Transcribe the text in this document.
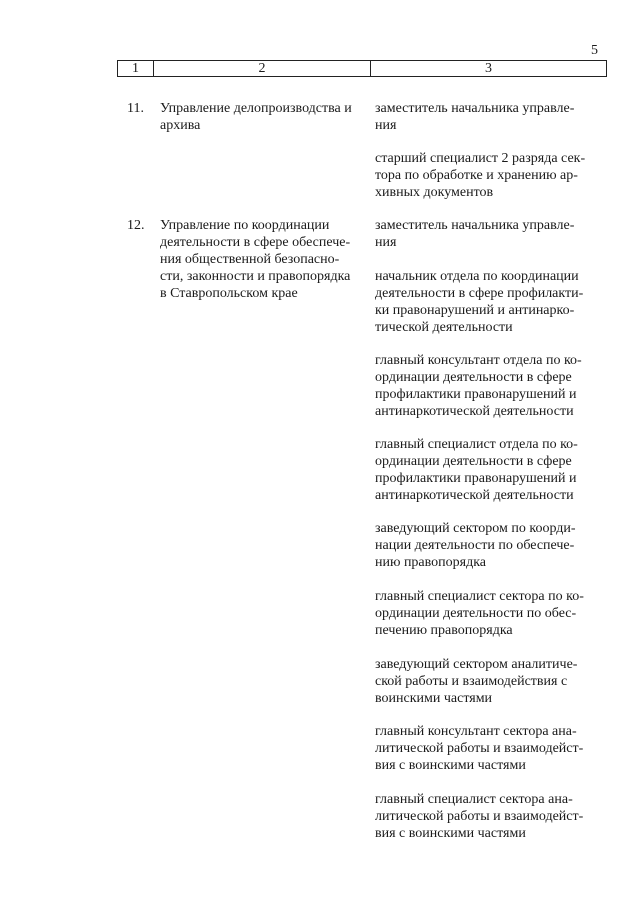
5
1	2	3
11. Управление делопроизводства и
архива
заместитель начальника управле-
ния
старший специалист 2 разряда сек-
тора по обработке и хранению ар-
хивных документов
12. Управление по координации
деятельности в сфере обеспече-
ния общественной безопасно-
сти, законности и правопорядка
в Ставропольском крае
заместитель начальника управле-
ния
начальник отдела по координации
деятельности в сфере профилакти-
ки правонарушений и антинарко-
тической деятельности
главный консультант отдела по ко-
ординации деятельности в сфере
профилактики правонарушений и
антинаркотической деятельности
главный специалист отдела по ко-
ординации деятельности в сфере
профилактики правонарушений и
антинаркотической деятельности
заведующий сектором по коорди-
нации деятельности по обеспече-
нию правопорядка
главный специалист сектора по ко-
ординации деятельности по обес-
печению правопорядка
заведующий сектором аналитиче-
ской работы и взаимодействия с
воинскими частями
главный консультант сектора ана-
литической работы и взаимодейст-
вия с воинскими частями
главный специалист сектора ана-
литической работы и взаимодейст-
вия с воинскими частями
